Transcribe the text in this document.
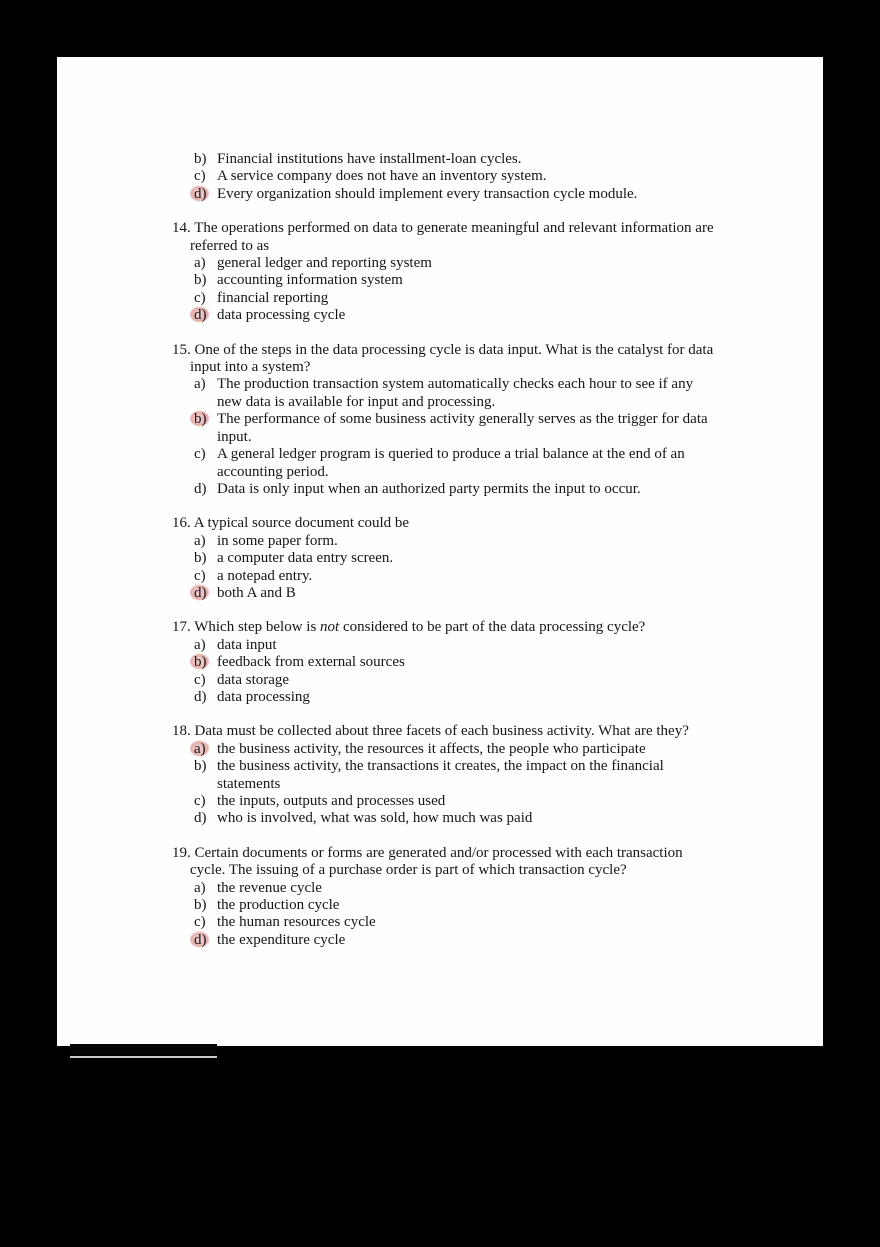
b) Financial institutions have installment-loan cycles.
c) A service company does not have an inventory system.
d) Every organization should implement every transaction cycle module.
14. The operations performed on data to generate meaningful and relevant information are referred to as
a) general ledger and reporting system
b) accounting information system
c) financial reporting
d) data processing cycle
15. One of the steps in the data processing cycle is data input. What is the catalyst for data input into a system?
a) The production transaction system automatically checks each hour to see if any new data is available for input and processing.
b) The performance of some business activity generally serves as the trigger for data input.
c) A general ledger program is queried to produce a trial balance at the end of an accounting period.
d) Data is only input when an authorized party permits the input to occur.
16. A typical source document could be
a) in some paper form.
b) a computer data entry screen.
c) a notepad entry.
d) both A and B
17. Which step below is not considered to be part of the data processing cycle?
a) data input
b) feedback from external sources
c) data storage
d) data processing
18. Data must be collected about three facets of each business activity. What are they?
a) the business activity, the resources it affects, the people who participate
b) the business activity, the transactions it creates, the impact on the financial statements
c) the inputs, outputs and processes used
d) who is involved, what was sold, how much was paid
19. Certain documents or forms are generated and/or processed with each transaction cycle. The issuing of a purchase order is part of which transaction cycle?
a) the revenue cycle
b) the production cycle
c) the human resources cycle
d) the expenditure cycle
